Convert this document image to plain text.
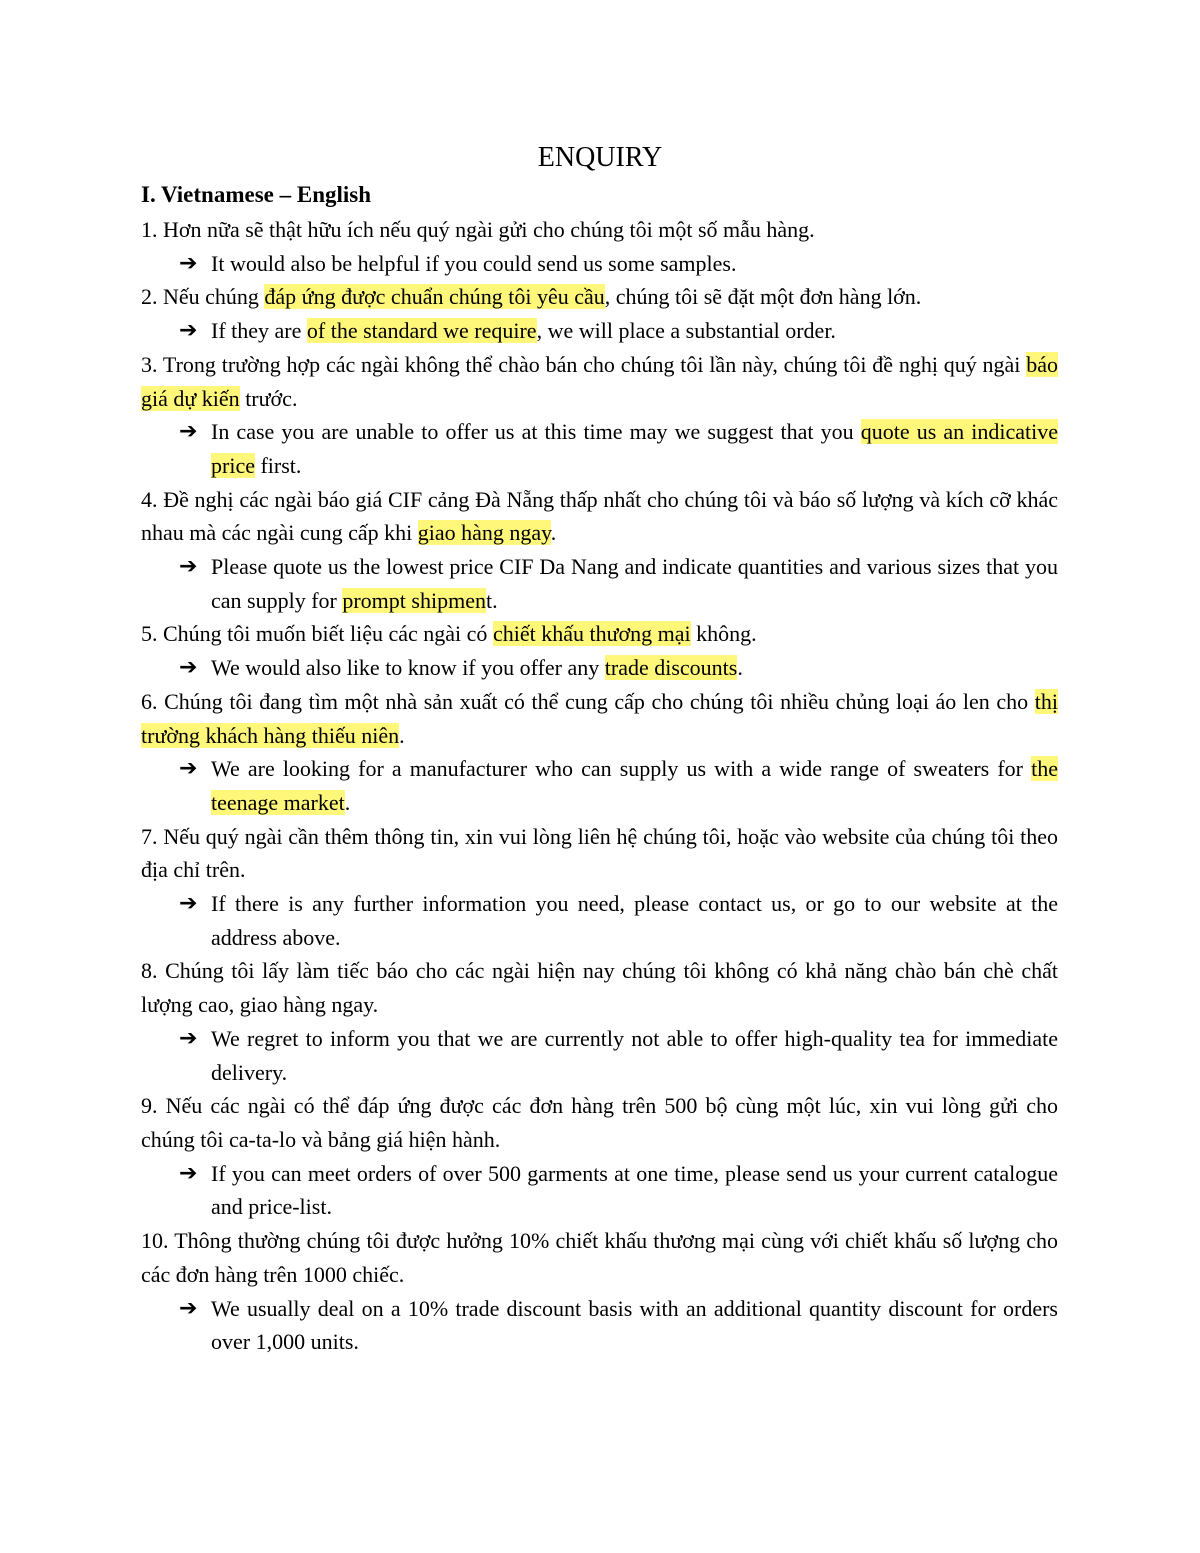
ENQUIRY
I. Vietnamese – English

1. Hơn nữa sẽ thật hữu ích nếu quý ngài gửi cho chúng tôi một số mẫu hàng.

➔ It would also be helpful if you could send us some samples.

2. Nếu chúng đáp ứng được chuẩn chúng tôi yêu cầu, chúng tôi sẽ đặt một đơn hàng lớn.

➔ If they are of the standard we require, we will place a substantial order.

3. Trong trường hợp các ngài không thể chào bán cho chúng tôi lần này, chúng tôi đề nghị quý ngài báo giá dự kiến trước.

➔ In case you are unable to offer us at this time may we suggest that you quote us an indicative price first.

4. Đề nghị các ngài báo giá CIF cảng Đà Nẵng thấp nhất cho chúng tôi và báo số lượng và kích cỡ khác nhau mà các ngài cung cấp khi giao hàng ngay.

➔ Please quote us the lowest price CIF Da Nang and indicate quantities and various sizes that you can supply for prompt shipment.

5. Chúng tôi muốn biết liệu các ngài có chiết khấu thương mại không.

➔ We would also like to know if you offer any trade discounts.

6. Chúng tôi đang tìm một nhà sản xuất có thể cung cấp cho chúng tôi nhiều chủng loại áo len cho thị trường khách hàng thiếu niên.

➔ We are looking for a manufacturer who can supply us with a wide range of sweaters for the teenage market.

7. Nếu quý ngài cần thêm thông tin, xin vui lòng liên hệ chúng tôi, hoặc vào website của chúng tôi theo địa chỉ trên.

➔ If there is any further information you need, please contact us, or go to our website at the address above.

8. Chúng tôi lấy làm tiếc báo cho các ngài hiện nay chúng tôi không có khả năng chào bán chè chất lượng cao, giao hàng ngay.

➔ We regret to inform you that we are currently not able to offer high-quality tea for immediate delivery.

9. Nếu các ngài có thể đáp ứng được các đơn hàng trên 500 bộ cùng một lúc, xin vui lòng gửi cho chúng tôi ca-ta-lo và bảng giá hiện hành.

➔ If you can meet orders of over 500 garments at one time, please send us your current catalogue and price-list.

10. Thông thường chúng tôi được hưởng 10% chiết khấu thương mại cùng với chiết khấu số lượng cho các đơn hàng trên 1000 chiếc.

➔ We usually deal on a 10% trade discount basis with an additional quantity discount for orders over 1,000 units.
